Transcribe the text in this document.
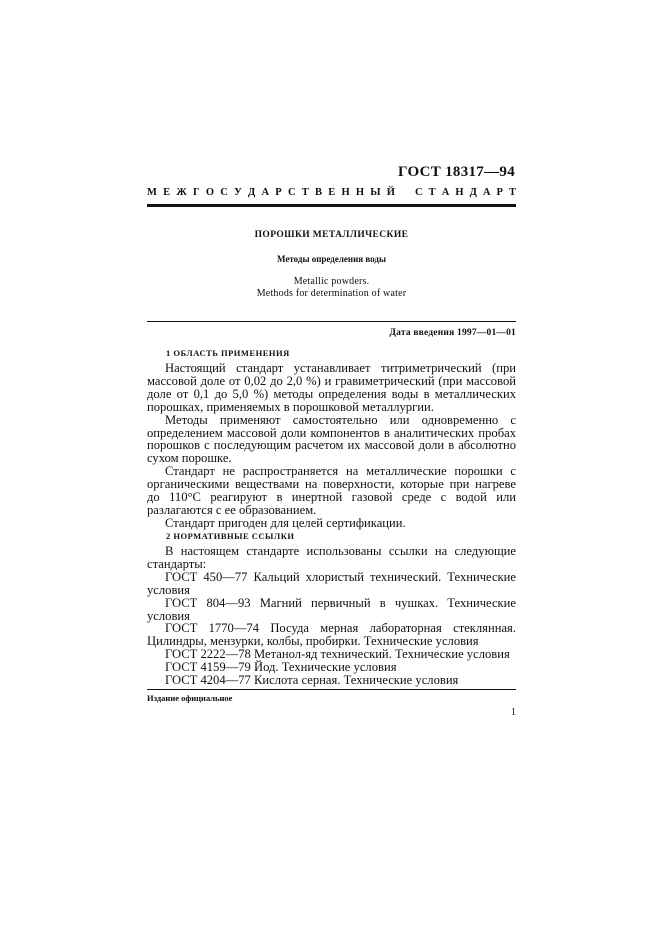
ГОСТ 18317—94
М Е Ж Г О С У Д А Р С Т В Е Н Н Ы Й С Т А Н Д А Р Т
ПОРОШКИ МЕТАЛЛИЧЕСКИЕ
Методы определения воды
Metallic powders.
Methods for determination of water
Дата введения 1997—01—01
1 ОБЛАСТЬ ПРИМЕНЕНИЯ

Настоящий стандарт устанавливает титриметрический (при массовой доле от 0,02 до 2,0 %) и гравиметрический (при массовой доле от 0,1 до 5,0 %) методы определения воды в металлических порошках, применяемых в порошковой металлургии.

Методы применяют самостоятельно или одновременно с определением массовой доли компонентов в аналитических пробах порошков с последующим расчетом их массовой доли в абсолютно сухом порошке.

Стандарт не распространяется на металлические порошки с органическими веществами на поверхности, которые при нагреве до 110°С реагируют в инертной газовой среде с водой или разлагаются с ее образованием.

Стандарт пригоден для целей сертификации.

2 НОРМАТИВНЫЕ ССЫЛКИ

В настоящем стандарте использованы ссылки на следующие стандарты:

ГОСТ 450—77 Кальций хлористый технический. Технические условия

ГОСТ 804—93 Магний первичный в чушках. Технические условия

ГОСТ 1770—74 Посуда мерная лабораторная стеклянная. Цилиндры, мензурки, колбы, пробирки. Технические условия

ГОСТ 2222—78 Метанол-яд технический. Технические условия

ГОСТ 4159—79 Йод. Технические условия

ГОСТ 4204—77 Кислота серная. Технические условия

Издание официальное
1
